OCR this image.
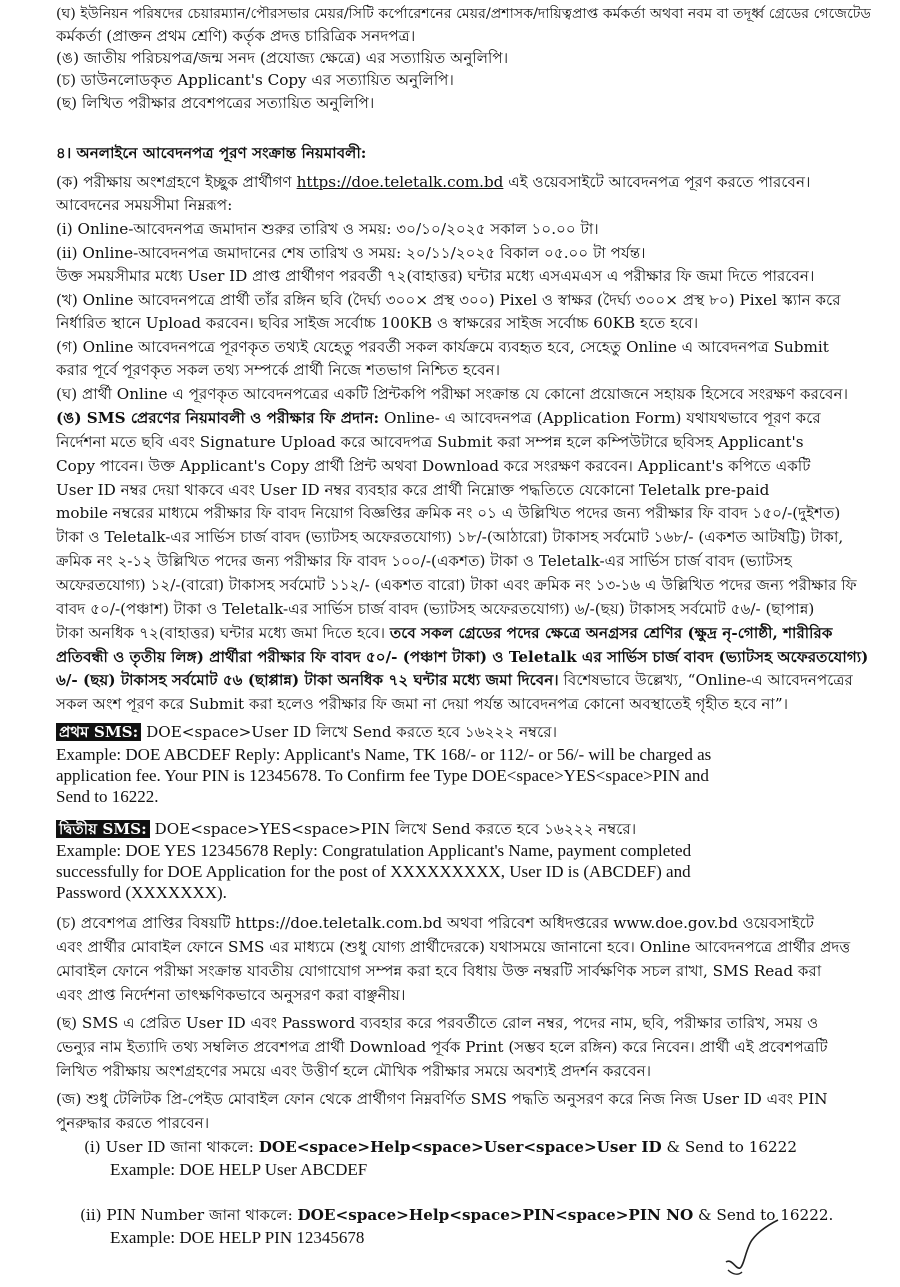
(ঘ) ইউনিয়ন পরিষদের চেয়ারম্যান/পৌরসভার মেয়র/সিটি কর্পোরেশনের মেয়র/প্রশাসক/দায়িত্বপ্রাপ্ত কর্মকর্তা অথবা নবম বা তদূর্ধ্ব গ্রেডের গেজেটেড
কর্মকর্তা (প্রাক্তন প্রথম শ্রেণি) কর্তৃক প্রদত্ত চারিত্রিক সনদপত্র।
(ঙ) জাতীয় পরিচয়পত্র/জন্ম সনদ (প্রযোজ্য ক্ষেত্রে) এর সত্যায়িত অনুলিপি।
(চ) ডাউনলোডকৃত Applicant's Copy এর সত্যায়িত অনুলিপি।
(ছ) লিখিত পরীক্ষার প্রবেশপত্রের সত্যায়িত অনুলিপি।
৪। অনলাইনে আবেদনপত্র পূরণ সংক্রান্ত নিয়মাবলী:
(ক) পরীক্ষায় অংশগ্রহণে ইচ্ছুক প্রার্থীগণ https://doe.teletalk.com.bd এই ওয়েবসাইটে আবেদনপত্র পূরণ করতে পারবেন।
আবেদনের সময়সীমা নিম্নরূপ:
(i) Online-আবেদনপত্র জমাদান শুরুর তারিখ ও সময়: ৩০/১০/২০২৫ সকাল ১০.০০ টা।
(ii) Online-আবেদনপত্র জমাদানের শেষ তারিখ ও সময়: ২০/১১/২০২৫ বিকাল ০৫.০০ টা পর্যন্ত।
উক্ত সময়সীমার মধ্যে User ID প্রাপ্ত প্রার্থীগণ পরবর্তী ৭২(বাহাত্তর) ঘন্টার মধ্যে এসএমএস এ পরীক্ষার ফি জমা দিতে পারবেন।
(খ) Online আবেদনপত্রে প্রার্থী তাঁর রঙ্গিন ছবি (দৈর্ঘ্য ৩০০× প্রস্থ ৩০০) Pixel ও স্বাক্ষর (দৈর্ঘ্য ৩০০× প্রস্থ ৮০) Pixel স্ক্যান করে
নির্ধারিত স্থানে Upload করবেন। ছবির সাইজ সর্বোচ্চ 100KB ও স্বাক্ষরের সাইজ সর্বোচ্চ 60KB হতে হবে।
(গ) Online আবেদনপত্রে পূরণকৃত তথ্যই যেহেতু পরবর্তী সকল কার্যক্রমে ব্যবহৃত হবে, সেহেতু Online এ আবেদনপত্র Submit
করার পূর্বে পূরণকৃত সকল তথ্য সম্পর্কে প্রার্থী নিজে শতভাগ নিশ্চিত হবেন।
(ঘ) প্রার্থী Online এ পূরণকৃত আবেদনপত্রের একটি প্রিন্টকপি পরীক্ষা সংক্রান্ত যে কোনো প্রয়োজনে সহায়ক হিসেবে সংরক্ষণ করবেন।
(ঙ) SMS প্রেরণের নিয়মাবলী ও পরীক্ষার ফি প্রদান: Online- এ আবেদনপত্র (Application Form) যথাযথভাবে পূরণ করে
নির্দেশনা মতে ছবি এবং Signature Upload করে আবেদপত্র Submit করা সম্পন্ন হলে কম্পিউটারে ছবিসহ Applicant's
Copy পাবেন। উক্ত Applicant's Copy প্রার্থী প্রিন্ট অথবা Download করে সংরক্ষণ করবেন। Applicant's কপিতে একটি
User ID নম্বর দেয়া থাকবে এবং User ID নম্বর ব্যবহার করে প্রার্থী নিম্নোক্ত পদ্ধতিতে যেকোনো Teletalk pre-paid
mobile নম্বরের মাধ্যমে পরীক্ষার ফি বাবদ নিয়োগ বিজ্ঞপ্তির ক্রমিক নং ০১ এ উল্লিখিত পদের জন্য পরীক্ষার ফি বাবদ ১৫০/-(দুইশত)
টাকা ও Teletalk-এর সার্ভিস চার্জ বাবদ (ভ্যাটসহ অফেরতযোগ্য) ১৮/-(আঠারো) টাকাসহ সর্বমোট ১৬৮/- (একশত আটষট্টি) টাকা,
ক্রমিক নং ২-১২ উল্লিখিত পদের জন্য পরীক্ষার ফি বাবদ ১০০/-(একশত) টাকা ও Teletalk-এর সার্ভিস চার্জ বাবদ (ভ্যাটসহ
অফেরতযোগ্য) ১২/-(বারো) টাকাসহ সর্বমোট ১১২/- (একশত বারো) টাকা এবং ক্রমিক নং ১৩-১৬ এ উল্লিখিত পদের জন্য পরীক্ষার ফি
বাবদ ৫০/-(পঞ্চাশ) টাকা ও Teletalk-এর সার্ভিস চার্জ বাবদ (ভ্যাটসহ অফেরতযোগ্য) ৬/-(ছয়) টাকাসহ সর্বমোট ৫৬/- (ছাপান্ন)
টাকা অনধিক ৭২(বাহাত্তর) ঘন্টার মধ্যে জমা দিতে হবে। তবে সকল গ্রেডের পদের ক্ষেত্রে অনগ্রসর শ্রেণির (ক্ষুদ্র নৃ-গোষ্ঠী, শারীরিক
প্রতিবন্ধী ও তৃতীয় লিঙ্গ) প্রার্থীরা পরীক্ষার ফি বাবদ ৫০/- (পঞ্চাশ টাকা) ও Teletalk এর সার্ভিস চার্জ বাবদ (ভ্যাটসহ অফেরতযোগ্য)
৬/- (ছয়) টাকাসহ সর্বমোট ৫৬ (ছাপ্পান্ন) টাকা অনধিক ৭২ ঘন্টার মধ্যে জমা দিবেন। বিশেষভাবে উল্লেখ্য, “Online-এ আবেদনপত্রের
সকল অংশ পূরণ করে Submit করা হলেও পরীক্ষার ফি জমা না দেয়া পর্যন্ত আবেদনপত্র কোনো অবস্থাতেই গৃহীত হবে না”।
প্রথম SMS: DOE<space>User ID লিখে Send করতে হবে ১৬২২২ নম্বরে।
Example: DOE ABCDEF Reply: Applicant's Name, TK 168/- or 112/- or 56/- will be charged as
application fee. Your PIN is 12345678. To Confirm fee Type DOE<space>YES<space>PIN and
Send to 16222.
দ্বিতীয় SMS: DOE<space>YES<space>PIN লিখে Send করতে হবে ১৬২২২ নম্বরে।
Example: DOE YES 12345678 Reply: Congratulation Applicant's Name, payment completed
successfully for DOE Application for the post of XXXXXXXXX, User ID is (ABCDEF) and
Password (XXXXXXX).
(চ) প্রবেশপত্র প্রাপ্তির বিষয়টি https://doe.teletalk.com.bd অথবা পরিবেশ অধিদপ্তরের www.doe.gov.bd ওয়েবসাইটে
এবং প্রার্থীর মোবাইল ফোনে SMS এর মাধ্যমে (শুধু যোগ্য প্রার্থীদেরকে) যথাসময়ে জানানো হবে। Online আবেদনপত্রে প্রার্থীর প্রদত্ত
মোবাইল ফোনে পরীক্ষা সংক্রান্ত যাবতীয় যোগাযোগ সম্পন্ন করা হবে বিধায় উক্ত নম্বরটি সার্বক্ষণিক সচল রাখা, SMS Read করা
এবং প্রাপ্ত নির্দেশনা তাৎক্ষণিকভাবে অনুসরণ করা বাঞ্ছনীয়।
(ছ) SMS এ প্রেরিত User ID এবং Password ব্যবহার করে পরবর্তীতে রোল নম্বর, পদের নাম, ছবি, পরীক্ষার তারিখ, সময় ও
ভেন্যুর নাম ইত্যাদি তথ্য সম্বলিত প্রবেশপত্র প্রার্থী Download পূর্বক Print (সম্ভব হলে রঙ্গিন) করে নিবেন। প্রার্থী এই প্রবেশপত্রটি
লিখিত পরীক্ষায় অংশগ্রহণের সময়ে এবং উত্তীর্ণ হলে মৌখিক পরীক্ষার সময়ে অবশ্যই প্রদর্শন করবেন।
(জ) শুধু টেলিটক প্রি-পেইড মোবাইল ফোন থেকে প্রার্থীগণ নিম্নবর্ণিত SMS পদ্ধতি অনুসরণ করে নিজ নিজ User ID এবং PIN
পুনরুদ্ধার করতে পারবেন।
(i) User ID জানা থাকলে: DOE<space>Help<space>User<space>User ID & Send to 16222
Example: DOE HELP User ABCDEF
(ii) PIN Number জানা থাকলে: DOE<space>Help<space>PIN<space>PIN NO & Send to 16222.
Example: DOE HELP PIN 12345678
